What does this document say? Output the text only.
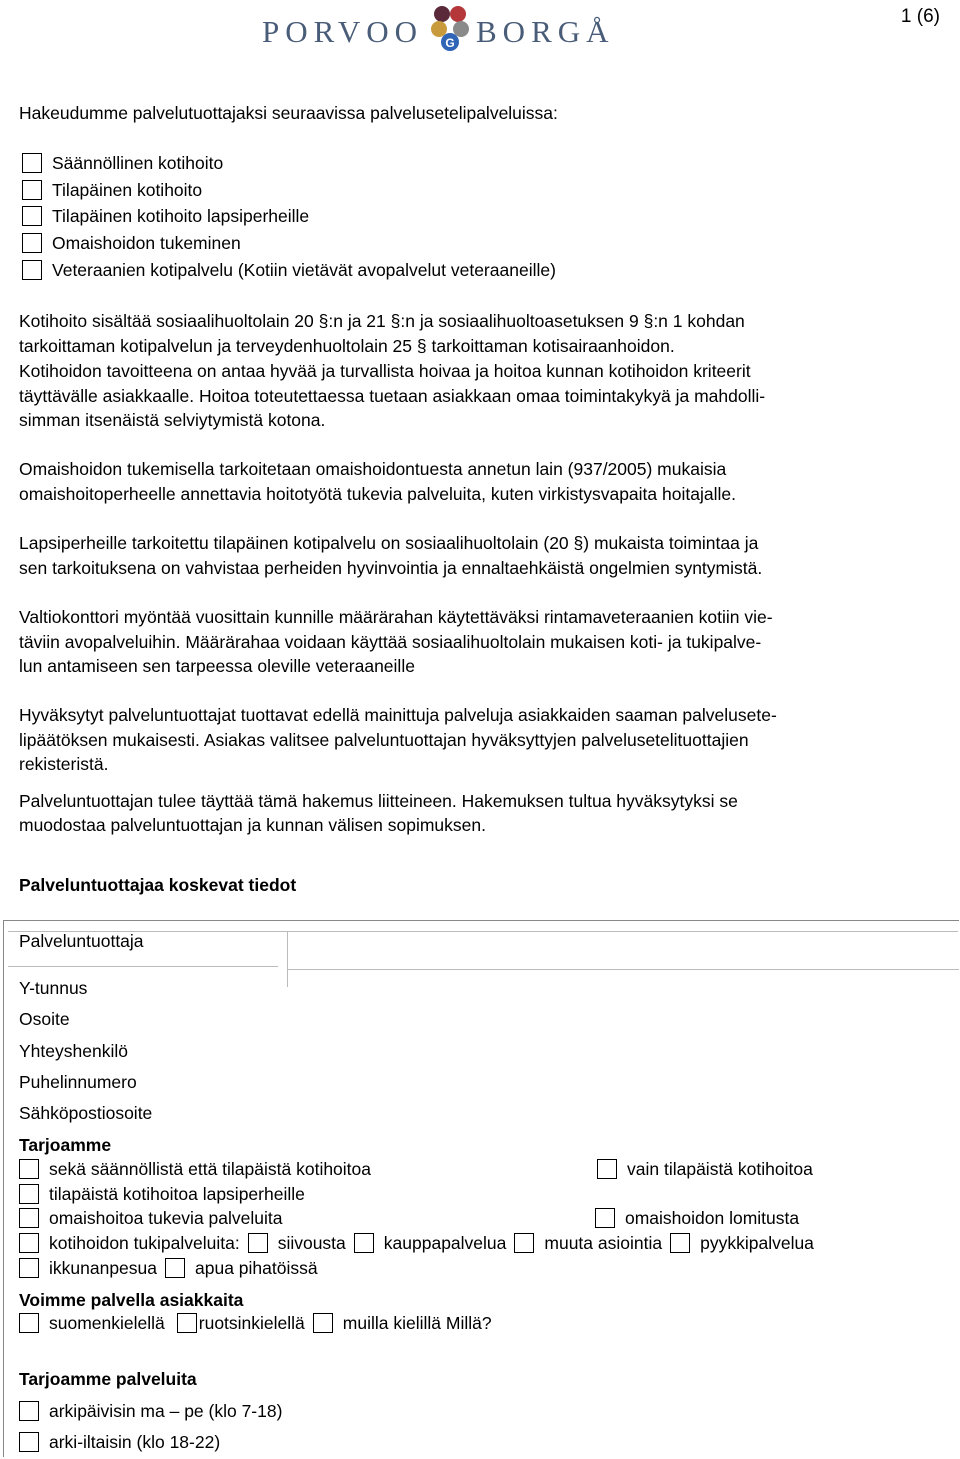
PORVOO G BORGÅ	1 (6)
Hakeudumme palvelutuottajaksi seuraavissa palvelusetelipalveluissa:
Säännöllinen kotihoito
Tilapäinen kotihoito
Tilapäinen kotihoito lapsiperheille
Omaishoidon tukeminen
Veteraanien kotipalvelu (Kotiin vietävät avopalvelut veteraaneille)
Kotihoito sisältää sosiaalihuoltolain 20 §:n ja 21 §:n ja sosiaalihuoltoasetuksen 9 §:n 1 kohdan
tarkoittaman kotipalvelun ja terveydenhuoltolain 25 § tarkoittaman kotisairaanhoidon.
Kotihoidon tavoitteena on antaa hyvää ja turvallista hoivaa ja hoitoa kunnan kotihoidon kriteerit
täyttävälle asiakkaalle. Hoitoa toteutettaessa tuetaan asiakkaan omaa toimintakykyä ja mahdolli-
simman itsenäistä selviytymistä kotona.
Omaishoidon tukemisella tarkoitetaan omaishoidontuesta annetun lain (937/2005) mukaisia
omaishoitoperheelle annettavia hoitotyötä tukevia palveluita, kuten virkistysvapaita hoitajalle.
Lapsiperheille tarkoitettu tilapäinen kotipalvelu on sosiaalihuoltolain (20 §) mukaista toimintaa ja
sen tarkoituksena on vahvistaa perheiden hyvinvointia ja ennaltaehkäistä ongelmien syntymistä.
Valtiokonttori myöntää vuosittain kunnille määrärahan käytettäväksi rintamaveteraanien kotiin vie-
täviin avopalveluihin. Määrärahaa voidaan käyttää sosiaalihuoltolain mukaisen koti- ja tukipalve-
lun antamiseen sen tarpeessa oleville veteraaneille
Hyväksytyt palveluntuottajat tuottavat edellä mainittuja palveluja asiakkaiden saaman palvelusete-
lipäätöksen mukaisesti. Asiakas valitsee palveluntuottajan hyväksyttyjen palvelusetelituottajien
rekisteristä.
Palveluntuottajan tulee täyttää tämä hakemus liitteineen. Hakemuksen tultua hyväksytyksi se
muodostaa palveluntuottajan ja kunnan välisen sopimuksen.
Palveluntuottajaa koskevat tiedot
Palveluntuottaja
Y-tunnus
Osoite
Yhteyshenkilö
Puhelinnumero
Sähköpostiosoite
Tarjoamme
sekä säännöllistä että tilapäistä kotihoitoa	vain tilapäistä kotihoitoa
tilapäistä kotihoitoa lapsiperheille
omaishoitoa tukevia palveluita	omaishoidon lomitusta
kotihoidon tukipalveluita: siivousta kauppapalvelua muuta asiointia pyykkipalvelua
ikkunanpesua apua pihatöissä
Voimme palvella asiakkaita
suomenkielellä ruotsinkielellä muilla kielillä Millä?
Tarjoamme palveluita
arkipäivisin ma – pe (klo 7-18)
arki-iltaisin (klo 18-22)
